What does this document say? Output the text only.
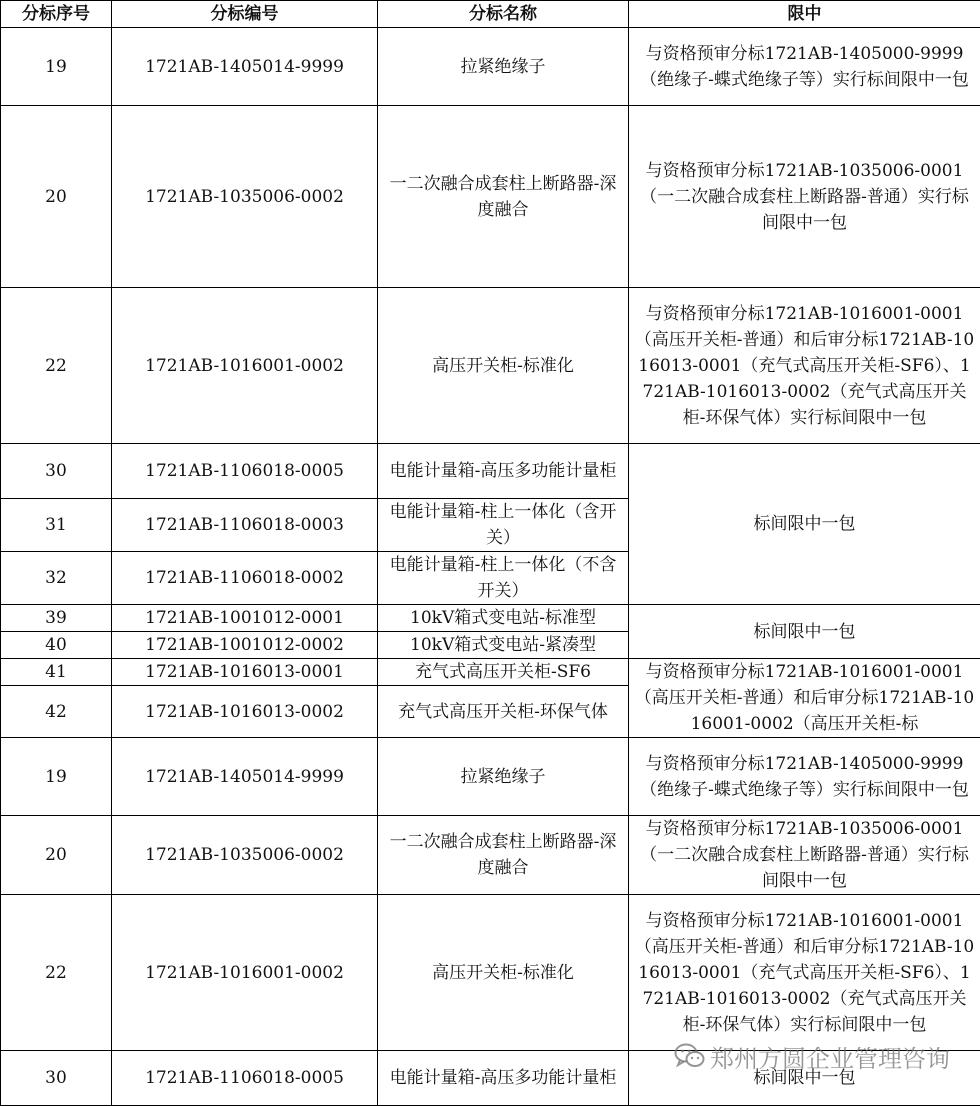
分标序号	分标编号	分标名称	限中
19	1721AB-1405014-9999	拉紧绝缘子	与资格预审分标1721AB-1405000-9999（绝缘子-蝶式绝缘子等）实行标间限中一包
20	1721AB-1035006-0002	一二次融合成套柱上断路器-深度融合	与资格预审分标1721AB-1035006-0001（一二次融合成套柱上断路器-普通）实行标间限中一包
22	1721AB-1016001-0002	高压开关柜-标准化	与资格预审分标1721AB-1016001-0001（高压开关柜-普通）和后审分标1721AB-1016013-0001（充气式高压开关柜-SF6）、1721AB-1016013-0002（充气式高压开关柜-环保气体）实行标间限中一包
30	1721AB-1106018-0005	电能计量箱-高压多功能计量柜	标间限中一包
31	1721AB-1106018-0003	电能计量箱-柱上一体化（含开关）	
32	1721AB-1106018-0002	电能计量箱-柱上一体化（不含开关）	
39	1721AB-1001012-0001	10kV箱式变电站-标准型	标间限中一包
40	1721AB-1001012-0002	10kV箱式变电站-紧凑型	
41	1721AB-1016013-0001	充气式高压开关柜-SF6	与资格预审分标1721AB-1016001-0001（高压开关柜-普通）和后审分标1721AB-1016001-0002（高压开关柜-标
42	1721AB-1016013-0002	充气式高压开关柜-环保气体	
19	1721AB-1405014-9999	拉紧绝缘子	与资格预审分标1721AB-1405000-9999（绝缘子-蝶式绝缘子等）实行标间限中一包
20	1721AB-1035006-0002	一二次融合成套柱上断路器-深度融合	与资格预审分标1721AB-1035006-0001（一二次融合成套柱上断路器-普通）实行标间限中一包
22	1721AB-1016001-0002	高压开关柜-标准化	与资格预审分标1721AB-1016001-0001（高压开关柜-普通）和后审分标1721AB-1016013-0001（充气式高压开关柜-SF6）、1721AB-1016013-0002（充气式高压开关柜-环保气体）实行标间限中一包
30	1721AB-1106018-0005	电能计量箱-高压多功能计量柜	标间限中一包
郑州方圆企业管理咨询
